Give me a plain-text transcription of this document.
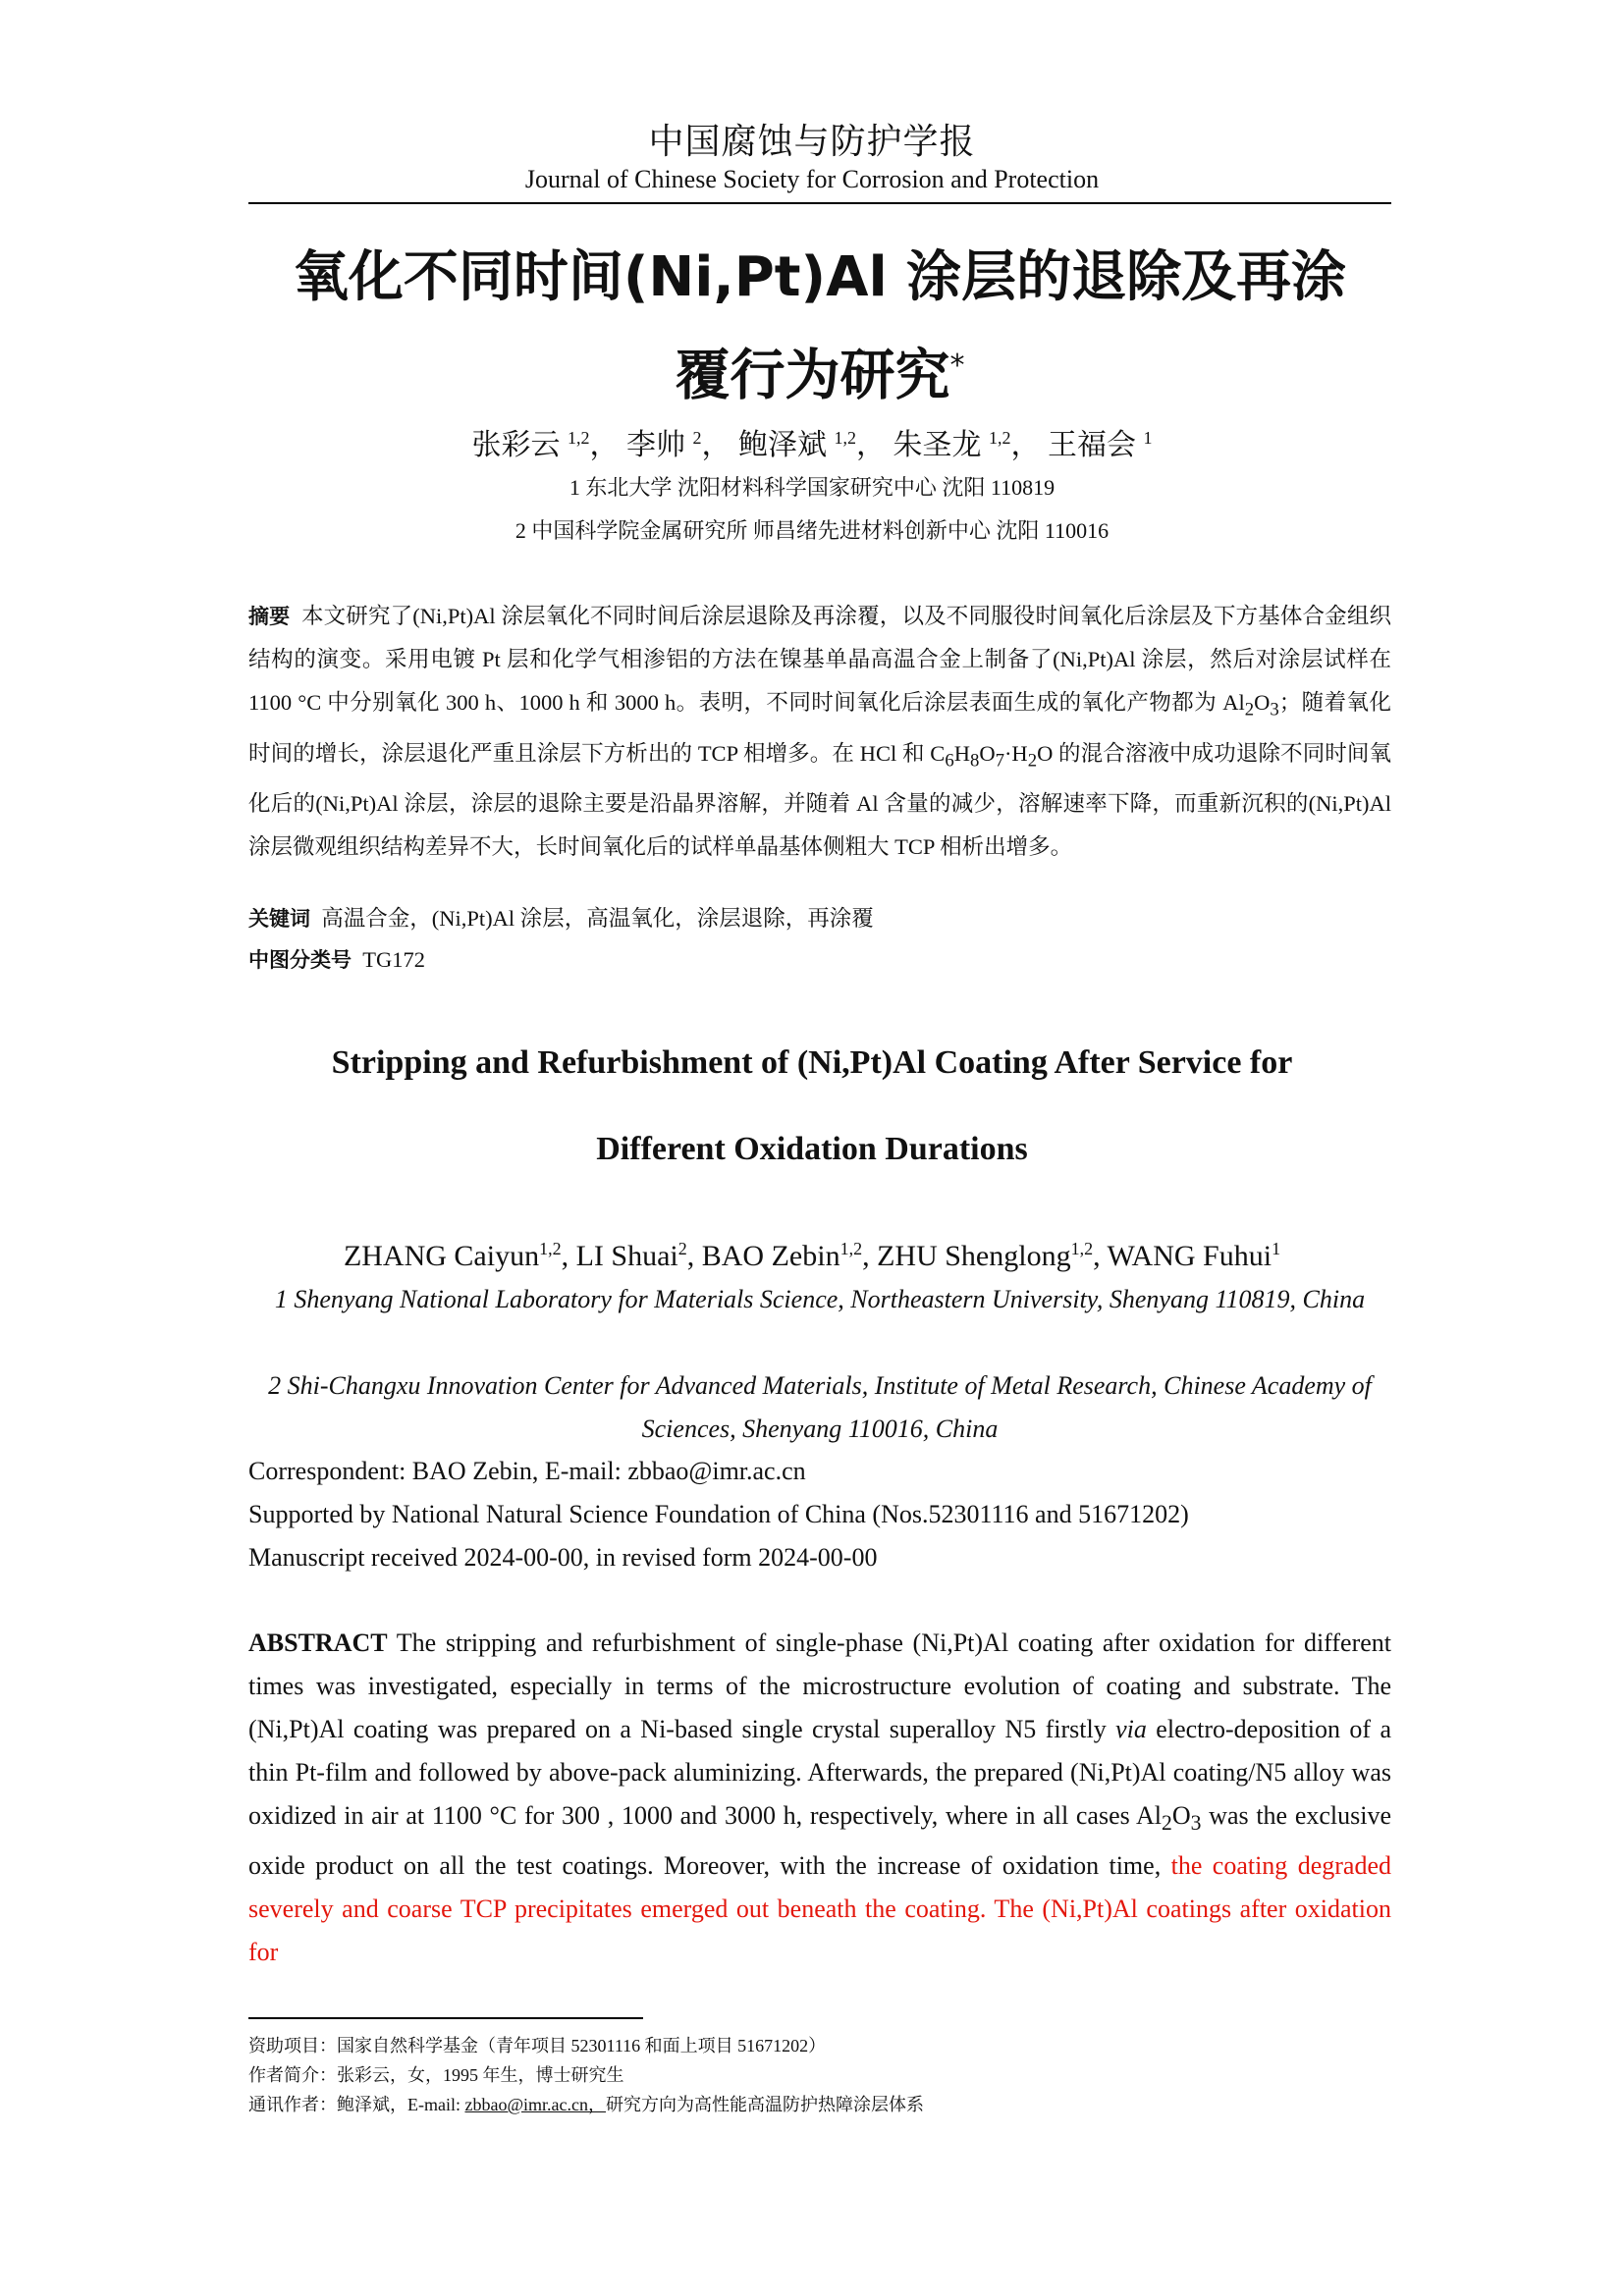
中国腐蚀与防护学报
Journal of Chinese Society for Corrosion and Protection
氧化不同时间(Ni,Pt)Al 涂层的退除及再涂
覆行为研究*
张彩云 $^{1,2}$， 李帅 $^2$， 鲍泽斌 $^{1,2}$， 朱圣龙 $^{1,2}$， 王福会 $^1$
1 东北大学 沈阳材料科学国家研究中心 沈阳 110819
2 中国科学院金属研究所 师昌绪先进材料创新中心 沈阳 110016
摘要 本文研究了(Ni,Pt)Al 涂层氧化不同时间后涂层退除及再涂覆，以及不同服役时间氧化后涂层及下方基体合金组织结构的演变。采用电镀 Pt 层和化学气相渗铝的方法在镍基单晶高温合金上制备了(Ni,Pt)Al 涂层，然后对涂层试样在 1100 °C 中分别氧化 300 h、1000 h 和 3000 h。表明，不同时间氧化后涂层表面生成的氧化产物都为 $Al_2O_3$；随着氧化时间的增长，涂层退化严重且涂层下方析出的 TCP 相增多。在 HCl 和 $C_6H_8O_7\cdot H_2O$ 的混合溶液中成功退除不同时间氧化后的(Ni,Pt)Al 涂层，涂层的退除主要是沿晶界溶解，并随着 Al 含量的减少，溶解速率下降，而重新沉积的(Ni,Pt)Al 涂层微观组织结构差异不大，长时间氧化后的试样单晶基体侧粗大 TCP 相析出增多。
关键词 高温合金，(Ni,Pt)Al 涂层，高温氧化，涂层退除，再涂覆
中图分类号 TG172
Stripping and Refurbishment of (Ni,Pt)Al Coating After Service for
Different Oxidation Durations
ZHANG Caiyun$^{1,2}$, LI Shuai$^2$, BAO Zebin$^{1,2}$, ZHU Shenglong$^{1,2}$, WANG Fuhui$^1$
1 Shenyang National Laboratory for Materials Science, Northeastern University, Shenyang 110819, China
2 Shi-Changxu Innovation Center for Advanced Materials, Institute of Metal Research, Chinese Academy of Sciences, Shenyang 110016, China
Correspondent: BAO Zebin, E-mail: zbbao@imr.ac.cn
Supported by National Natural Science Foundation of China (Nos.52301116 and 51671202)
Manuscript received 2024-00-00, in revised form 2024-00-00
ABSTRACT The stripping and refurbishment of single-phase (Ni,Pt)Al coating after oxidation for different times was investigated, especially in terms of the microstructure evolution of coating and substrate. The (Ni,Pt)Al coating was prepared on a Ni-based single crystal superalloy N5 firstly via electro-deposition of a thin Pt-film and followed by above-pack aluminizing. Afterwards, the prepared (Ni,Pt)Al coating/N5 alloy was oxidized in air at 1100 °C for 300 , 1000 and 3000 h, respectively, where in all cases $Al_2O_3$ was the exclusive oxide product on all the test coatings. Moreover, with the increase of oxidation time, the coating degraded severely and coarse TCP precipitates emerged out beneath the coating. The (Ni,Pt)Al coatings after oxidation for
资助项目：国家自然科学基金（青年项目 52301116 和面上项目 51671202）
作者简介：张彩云，女，1995 年生，博士研究生
通讯作者：鲍泽斌，E-mail: zbbao@imr.ac.cn，研究方向为高性能高温防护热障涂层体系
